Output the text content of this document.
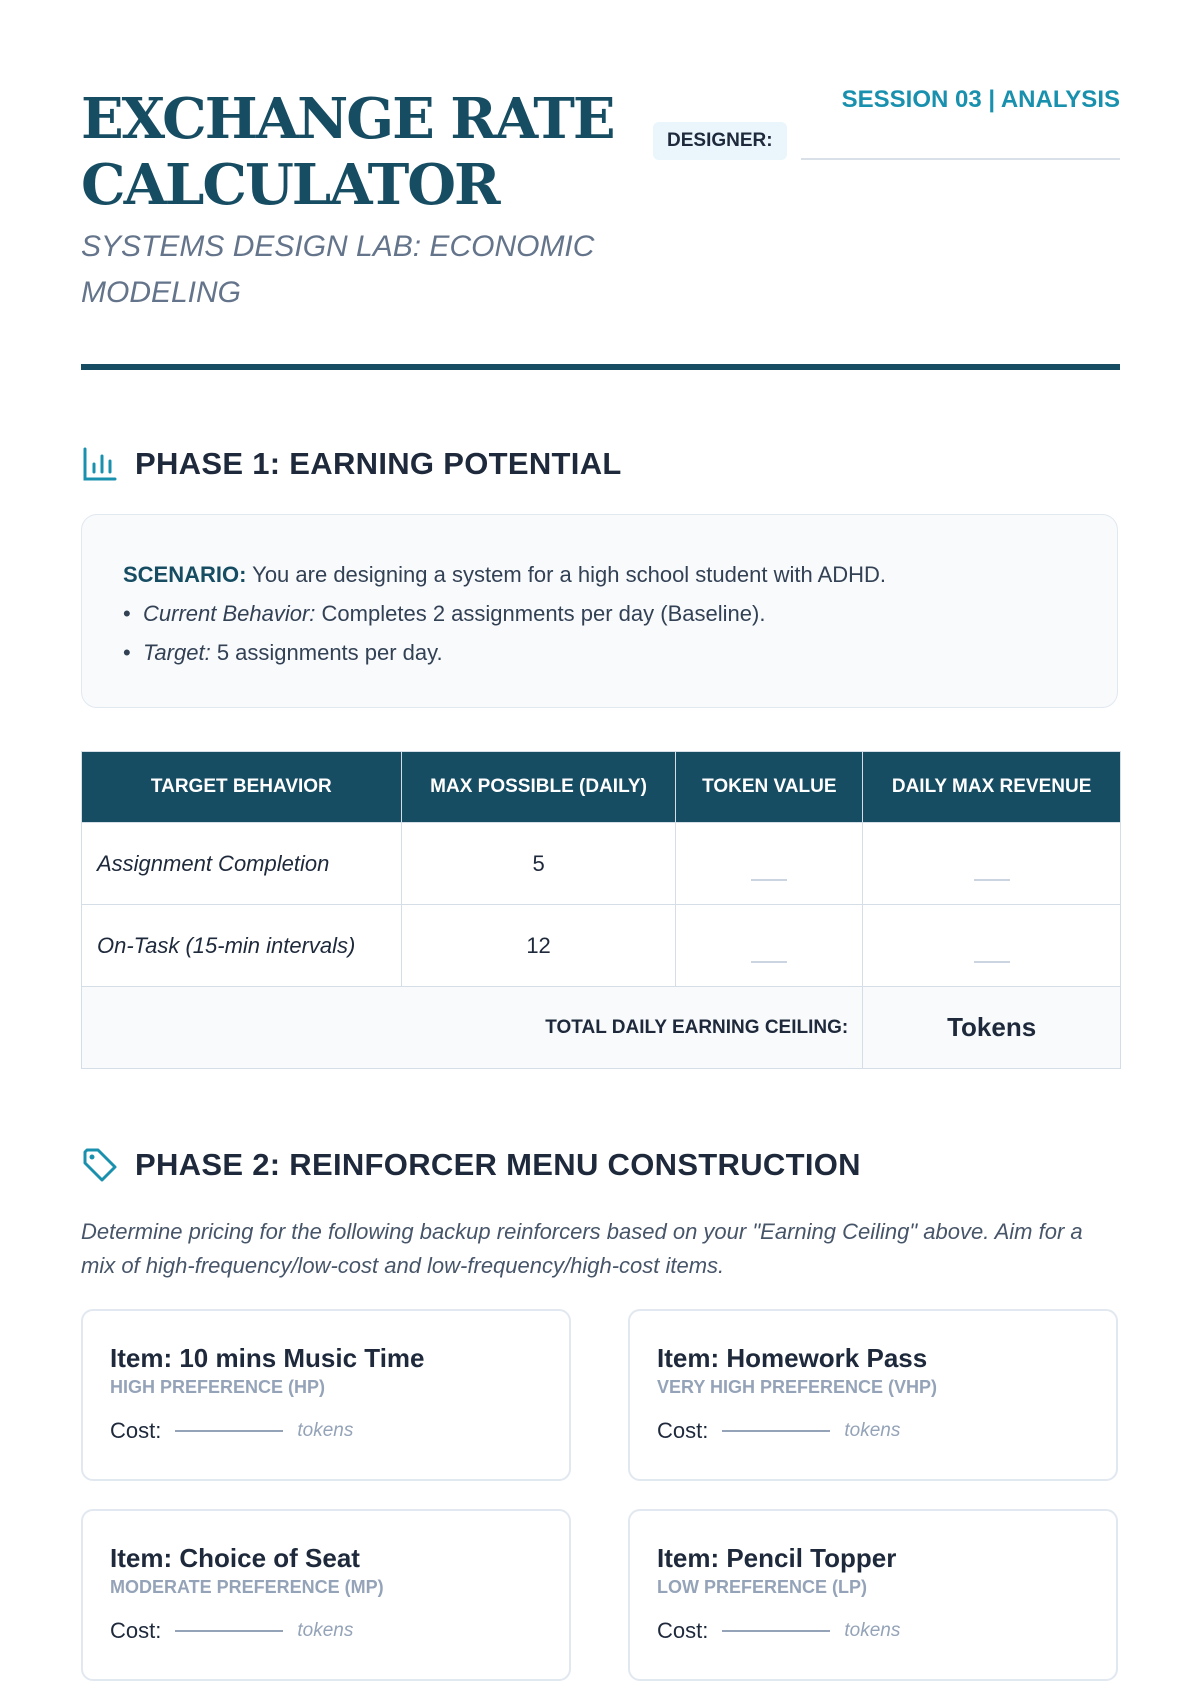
EXCHANGE RATE CALCULATOR

SYSTEMS DESIGN LAB: ECONOMIC MODELING

SESSION 03 | ANALYSIS
DESIGNER:
PHASE 1: EARNING POTENTIAL
SCENARIO: You are designing a system for a high school student with ADHD.
• Current Behavior: Completes 2 assignments per day (Baseline).
• Target: 5 assignments per day.
TARGET BEHAVIOR	MAX POSSIBLE (DAILY)	TOKEN VALUE	DAILY MAX REVENUE
Assignment Completion	5		
On-Task (15-min intervals)	12		
TOTAL DAILY EARNING CEILING:			Tokens
PHASE 2: REINFORCER MENU CONSTRUCTION

Determine pricing for the following backup reinforcers based on your "Earning Ceiling" above. Aim for a mix of high-frequency/low-cost and low-frequency/high-cost items.

Item: 10 mins Music Time
HIGH PREFERENCE (HP)
Cost:	tokens
Item: Homework Pass
VERY HIGH PREFERENCE (VHP)
Cost:	tokens
Item: Choice of Seat
MODERATE PREFERENCE (MP)
Cost:	tokens
Item: Pencil Topper
LOW PREFERENCE (LP)
Cost:	tokens
